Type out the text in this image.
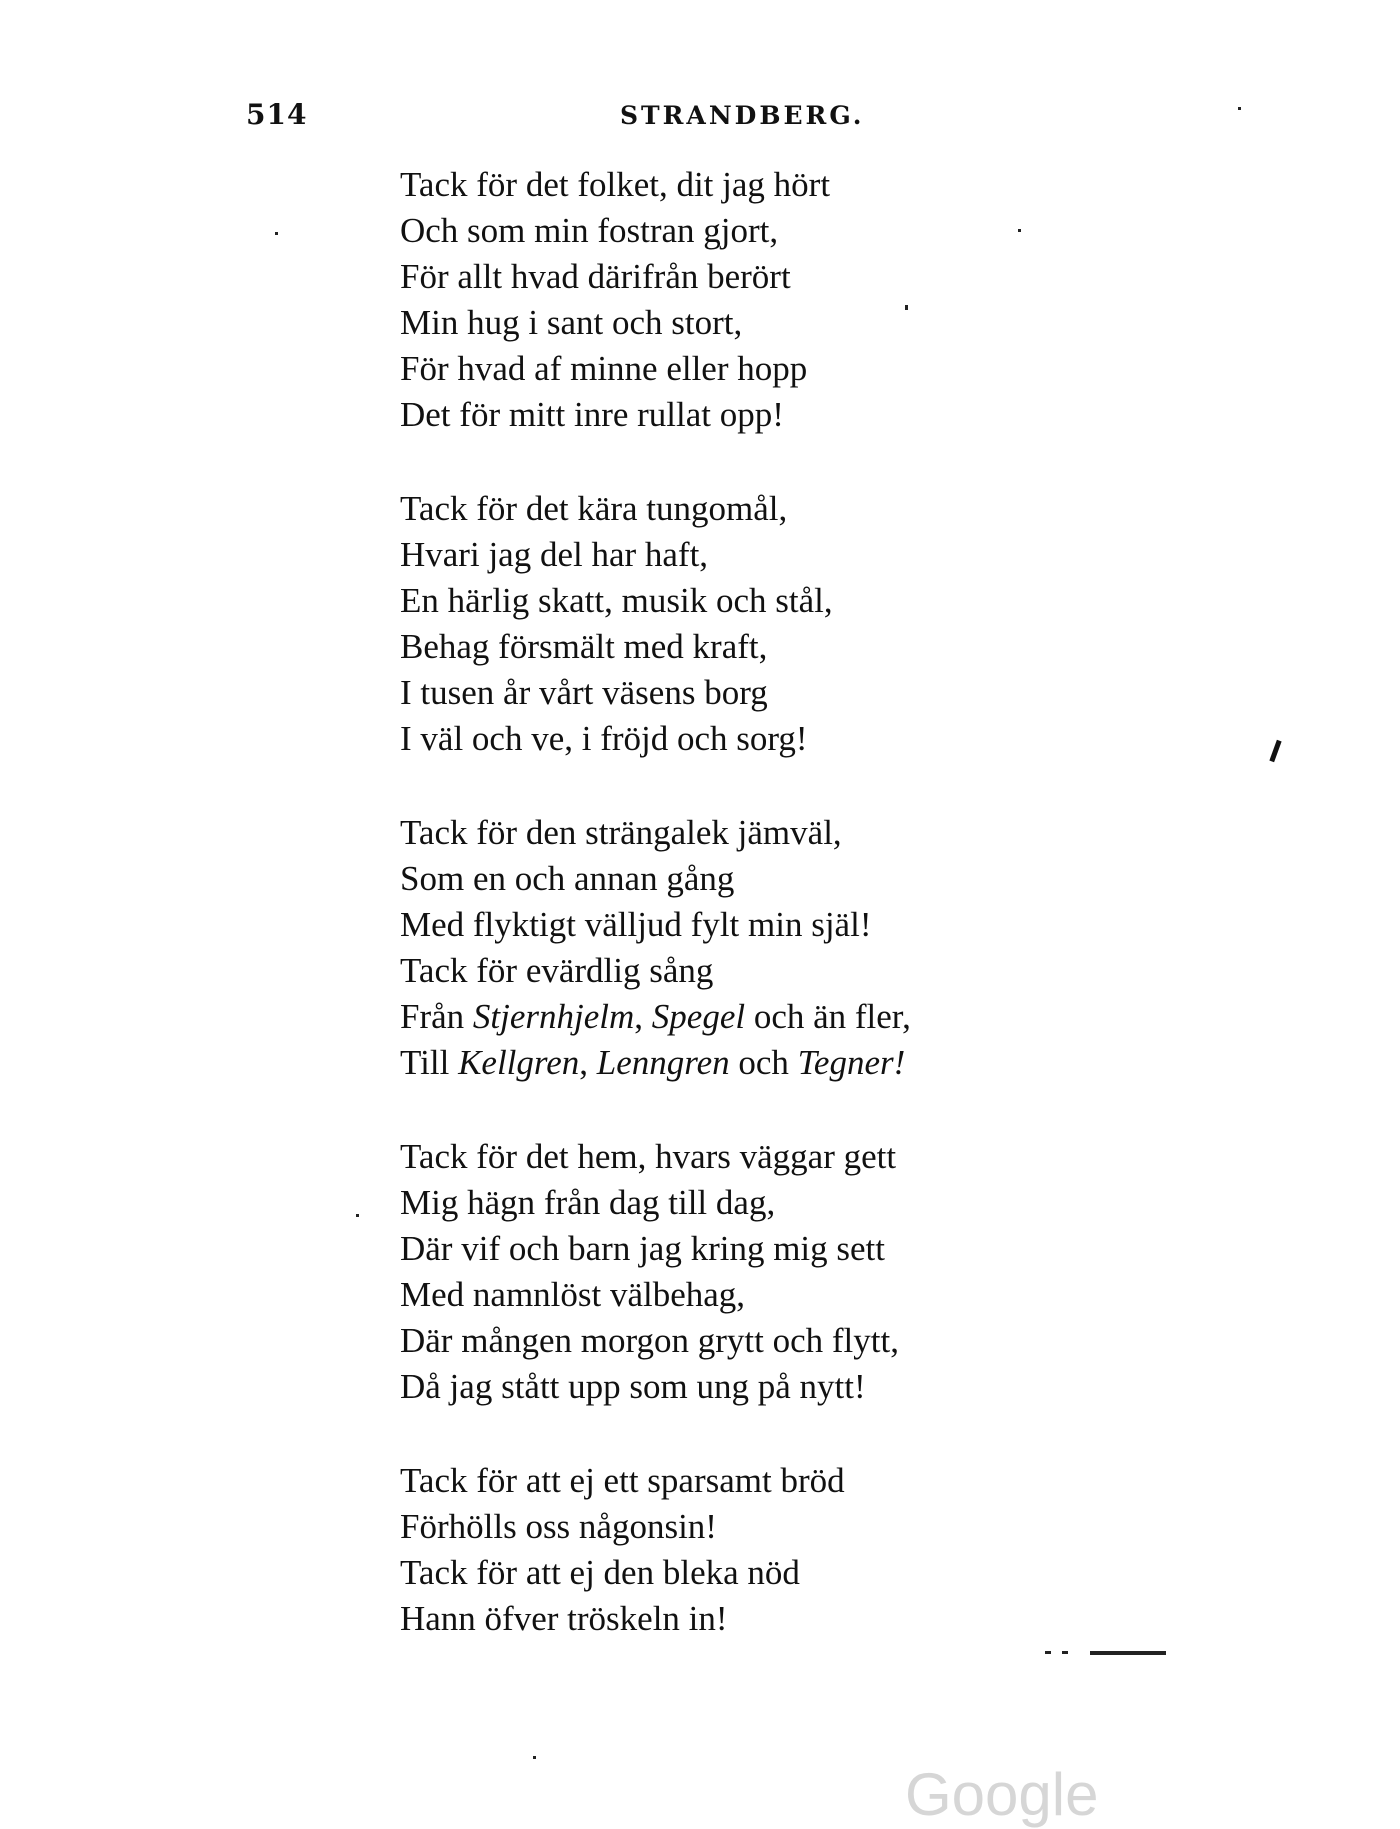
514	STRANDBERG.
Tack för det folket, dit jag hört
Och som min fostran gjort,
För allt hvad därifrån berört
Min hug i sant och stort,
För hvad af minne eller hopp
Det för mitt inre rullat opp!
Tack för det kära tungomål,
Hvari jag del har haft,
En härlig skatt, musik och stål,
Behag försmält med kraft,
I tusen år vårt väsens borg
I väl och ve, i fröjd och sorg!
Tack för den strängalek jämväl,
Som en och annan gång
Med flyktigt välljud fylt min själ!
Tack för evärdlig sång
Från Stjernhjelm, Spegel och än fler,
Till Kellgren, Lenngren och Tegner!
Tack för det hem, hvars väggar gett
Mig hägn från dag till dag,
Där vif och barn jag kring mig sett
Med namnlöst välbehag,
Där mången morgon grytt och flytt,
Då jag stått upp som ung på nytt!
Tack för att ej ett sparsamt bröd
Förhölls oss någonsin!
Tack för att ej den bleka nöd
Hann öfver tröskeln in!
Google
